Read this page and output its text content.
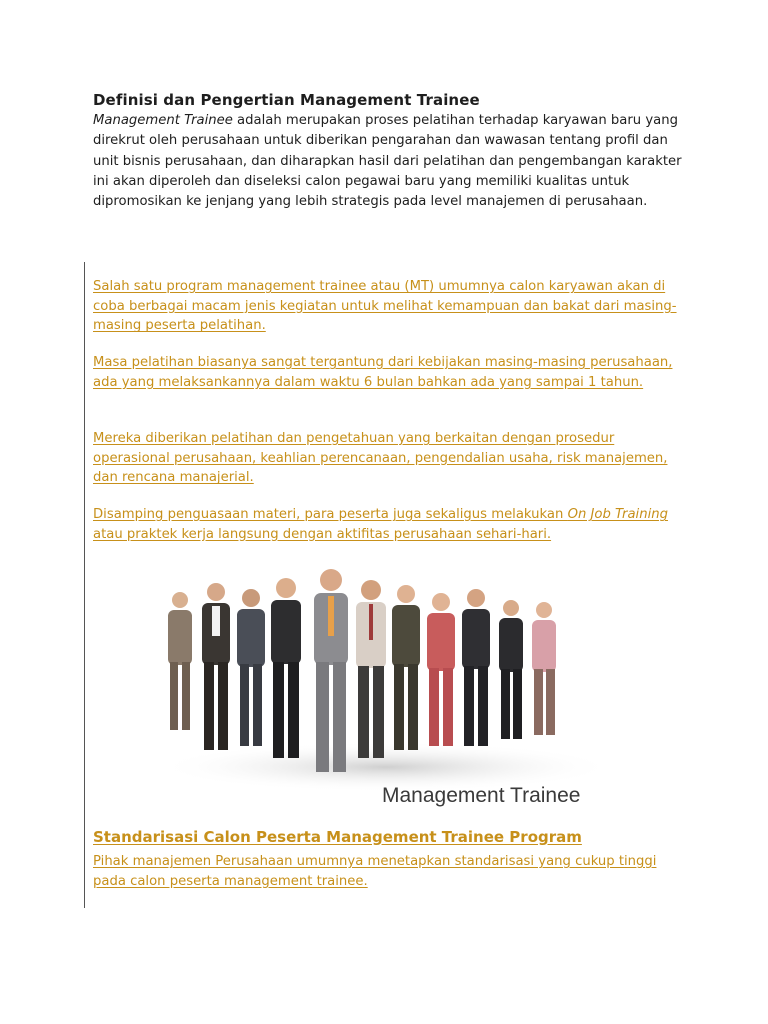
Definisi dan Pengertian Management Trainee
Management Trainee adalah merupakan proses pelatihan terhadap karyawan baru yang direkrut oleh perusahaan untuk diberikan pengarahan dan wawasan tentang profil dan unit bisnis perusahaan, dan diharapkan hasil dari pelatihan dan pengembangan karakter ini akan diperoleh dan diseleksi calon pegawai baru yang memiliki kualitas untuk dipromosikan ke jenjang yang lebih strategis pada level manajemen di perusahaan.
Salah satu program management trainee atau (MT) umumnya calon karyawan akan di coba berbagai macam jenis kegiatan untuk melihat kemampuan dan bakat dari masing-masing peserta pelatihan.
Masa pelatihan biasanya sangat tergantung dari kebijakan masing-masing perusahaan, ada yang melaksankannya dalam waktu 6 bulan bahkan ada yang sampai 1 tahun.
Mereka diberikan pelatihan dan pengetahuan yang berkaitan dengan prosedur operasional perusahaan, keahlian perencanaan, pengendalian usaha, risk manajemen, dan rencana manajerial.
Disamping penguasaan materi, para peserta juga sekaligus melakukan On Job Training atau praktek kerja langsung dengan aktifitas perusahaan sehari-hari.
Management Trainee
Standarisasi Calon Peserta Management Trainee Program
Pihak manajemen Perusahaan umumnya menetapkan standarisasi yang cukup tinggi pada calon peserta management trainee.
